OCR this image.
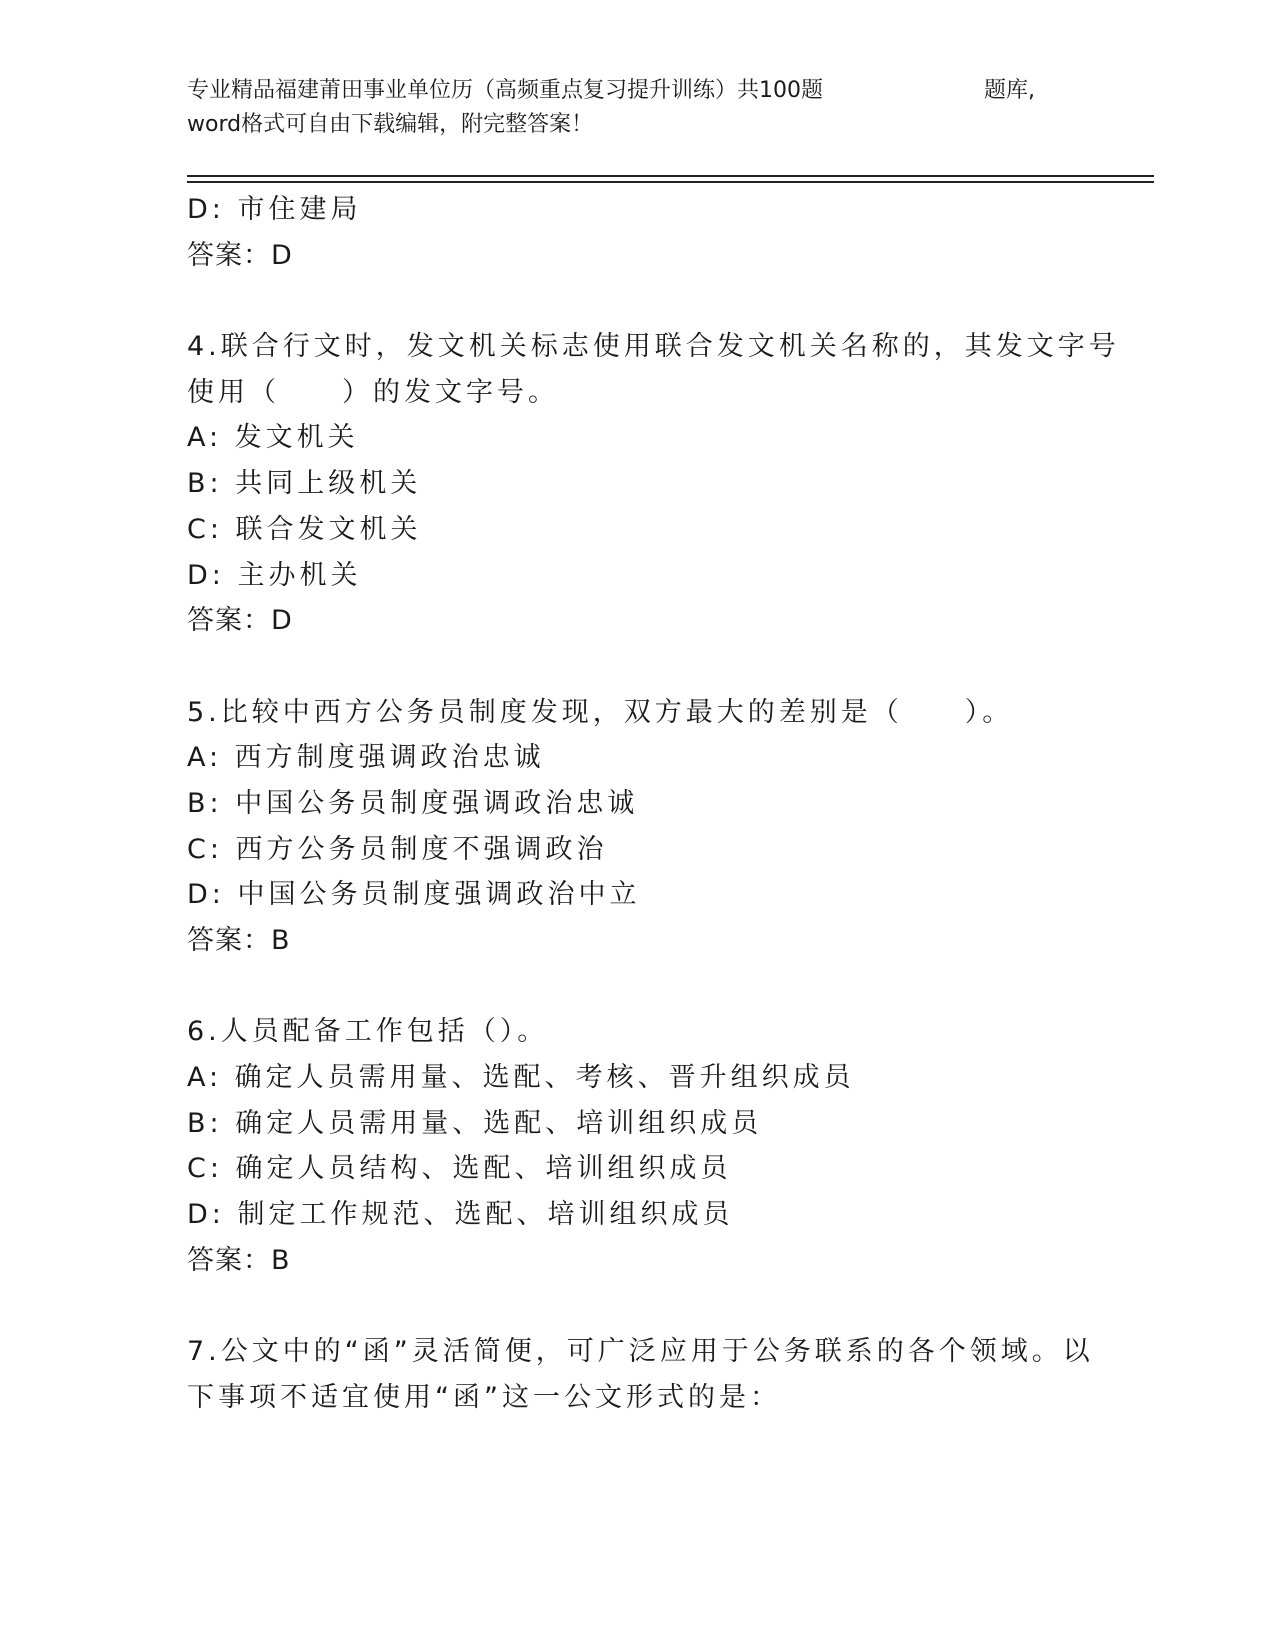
专业精品福建莆田事业单位历（高频重点复习提升训练）共100题	题库,
word格式可自由下载编辑，附完整答案！
D: 市住建局
答案：D
4.联合行文时，发文机关标志使用联合发文机关名称的，其发文字号
使用（　　）的发文字号。
A: 发文机关
B: 共同上级机关
C: 联合发文机关
D: 主办机关
答案：D
5.比较中西方公务员制度发现，双方最大的差别是（　　）。
A: 西方制度强调政治忠诚
B: 中国公务员制度强调政治忠诚
C: 西方公务员制度不强调政治
D: 中国公务员制度强调政治中立
答案：B
6.人员配备工作包括（）。
A: 确定人员需用量、选配、考核、晋升组织成员
B: 确定人员需用量、选配、培训组织成员
C: 确定人员结构、选配、培训组织成员
D: 制定工作规范、选配、培训组织成员
答案：B
7.公文中的“函”灵活简便，可广泛应用于公务联系的各个领域。以
下事项不适宜使用“函”这一公文形式的是：
